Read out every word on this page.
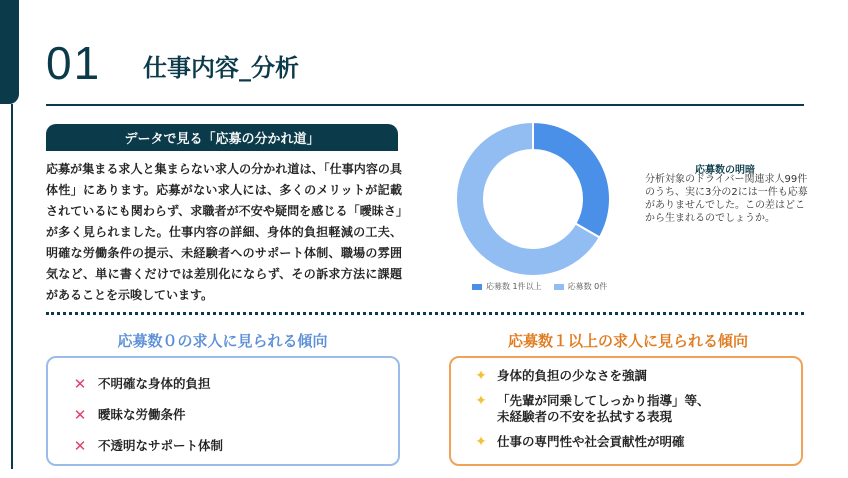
01 仕事内容_分析
データで見る「応募の分かれ道」
応募が集まる求人と集まらない求人の分かれ道は、「仕事内容の具体性」にあります。応募がない求人には、多くのメリットが記載されているにも関わらず、求職者が不安や疑問を感じる「曖昧さ」が多く見られました。仕事内容の詳細、身体的負担軽減の工夫、明確な労働条件の提示、未経験者へのサポート体制、職場の雰囲気など、単に書くだけでは差別化にならず、その訴求方法に課題があることを示唆しています。
応募数 1件以上	応募数 0件
応募数の明暗
分析対象のドライバー関連求人99件のうち、実に3分の2には一件も応募がありませんでした。この差はどこから生まれるのでしょうか。
応募数０の求人に見られる傾向	応募数１以上の求人に見られる傾向
✕ 不明確な身体的負担
✕ 曖昧な労働条件
✕ 不透明なサポート体制
✦ 身体的負担の少なさを強調
✦ 「先輩が同乗してしっかり指導」等、
未経験者の不安を払拭する表現
✦ 仕事の専門性や社会貢献性が明確
